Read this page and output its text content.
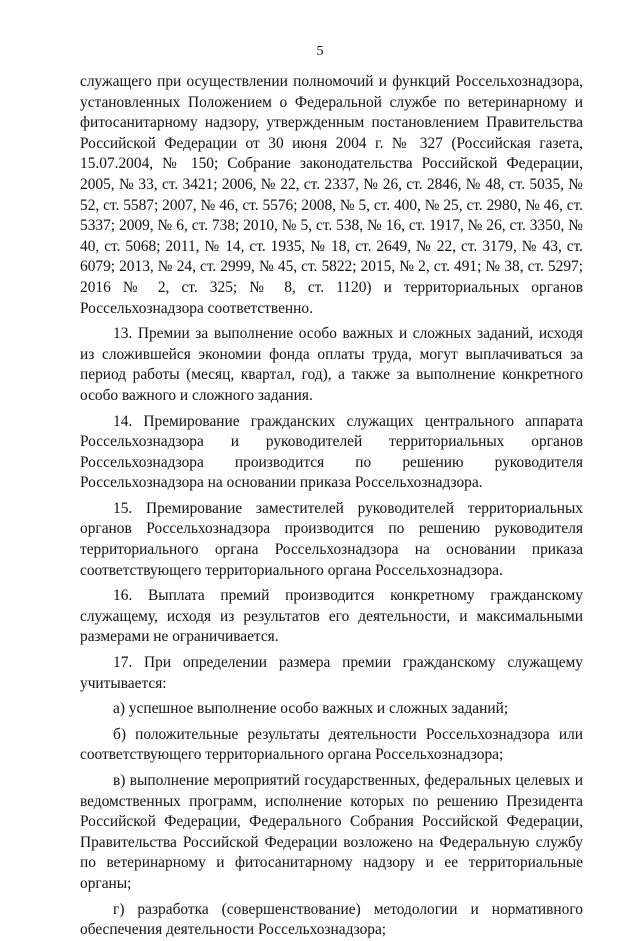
5

служащего при осуществлении полномочий и функций Россельхознадзора, установленных Положением о Федеральной службе по ветеринарному и фитосанитарному надзору, утвержденным постановлением Правительства Российской Федерации от 30 июня 2004 г. № 327 (Российская газета, 15.07.2004, № 150; Собрание законодательства Российской Федерации, 2005, № 33, ст. 3421; 2006, № 22, ст. 2337, № 26, ст. 2846, № 48, ст. 5035, № 52, ст. 5587; 2007, № 46, ст. 5576; 2008, № 5, ст. 400, № 25, ст. 2980, № 46, ст. 5337; 2009, № 6, ст. 738; 2010, № 5, ст. 538, № 16, ст. 1917, № 26, ст. 3350, № 40, ст. 5068; 2011, № 14, ст. 1935, № 18, ст. 2649, № 22, ст. 3179, № 43, ст. 6079; 2013, № 24, ст. 2999, № 45, ст. 5822; 2015, № 2, ст. 491; № 38, ст. 5297; 2016 № 2, ст. 325; № 8, ст. 1120) и территориальных органов Россельхознадзора соответственно.

13. Премии за выполнение особо важных и сложных заданий, исходя из сложившейся экономии фонда оплаты труда, могут выплачиваться за период работы (месяц, квартал, год), а также за выполнение конкретного особо важного и сложного задания.

14. Премирование гражданских служащих центрального аппарата Россельхознадзора и руководителей территориальных органов Россельхознадзора производится по решению руководителя Россельхознадзора на основании приказа Россельхознадзора.

15. Премирование заместителей руководителей территориальных органов Россельхознадзора производится по решению руководителя территориального органа Россельхознадзора на основании приказа соответствующего территориального органа Россельхознадзора.

16. Выплата премий производится конкретному гражданскому служащему, исходя из результатов его деятельности, и максимальными размерами не ограничивается.

17. При определении размера премии гражданскому служащему учитывается:

а) успешное выполнение особо важных и сложных заданий;

б) положительные результаты деятельности Россельхознадзора или соответствующего территориального органа Россельхознадзора;

в) выполнение мероприятий государственных, федеральных целевых и ведомственных программ, исполнение которых по решению Президента Российской Федерации, Федерального Собрания Российской Федерации, Правительства Российской Федерации возложено на Федеральную службу по ветеринарному и фитосанитарному надзору и ее территориальные органы;

г) разработка (совершенствование) методологии и нормативного обеспечения деятельности Россельхознадзора;
